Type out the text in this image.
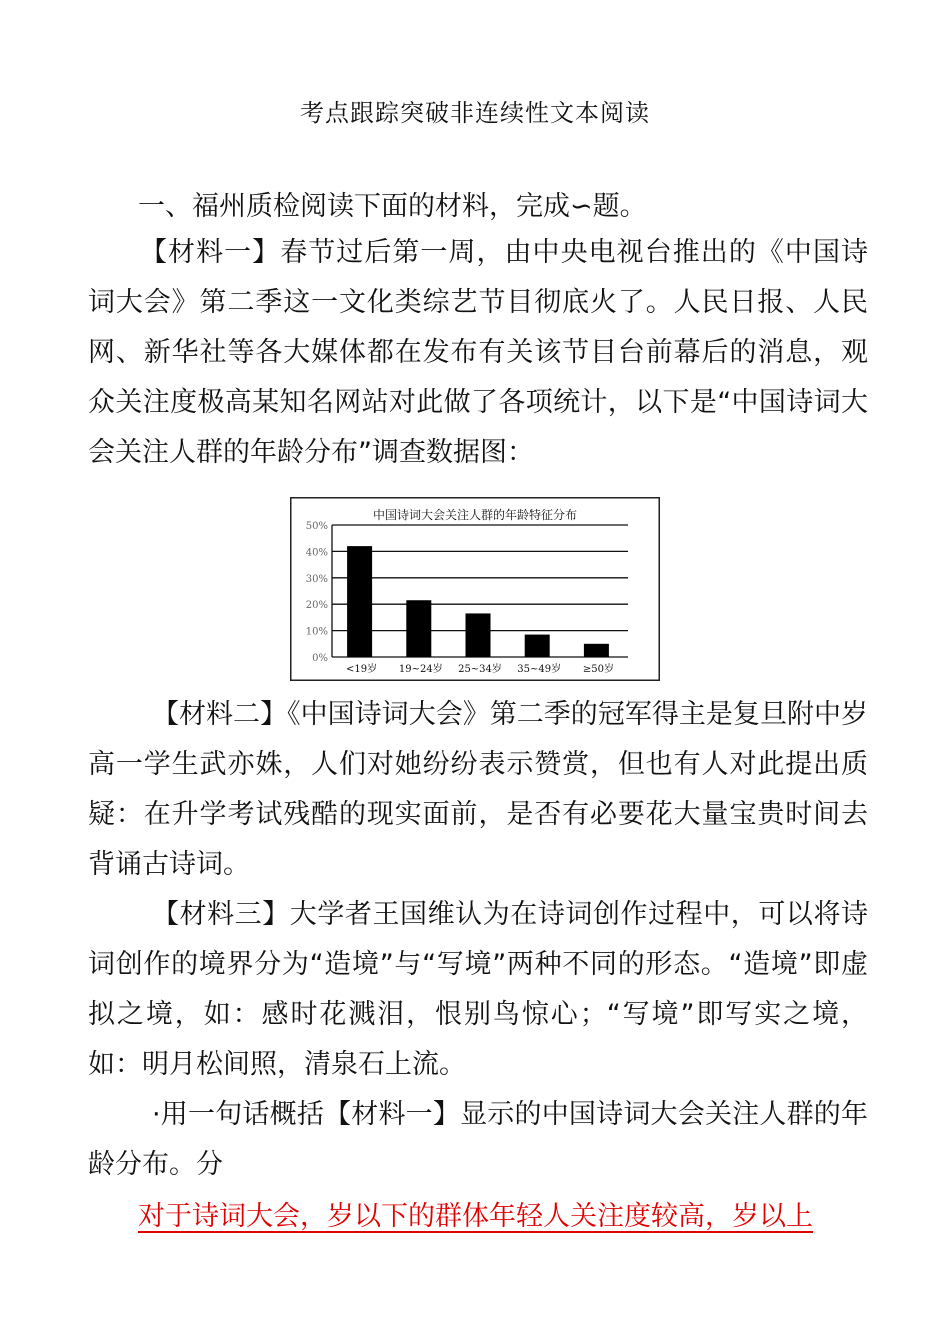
考点跟踪突破非连续性文本阅读
一、福州质检阅读下面的材料，完成∽题。
【材料一】春节过后第一周，由中央电视台推出的《中国诗词大会》第二季这一文化类综艺节目彻底火了。人民日报、人民网、新华社等各大媒体都在发布有关该节目台前幕后的消息，观众关注度极高某知名网站对此做了各项统计，以下是“中国诗词大会关注人群的年龄分布”调查数据图：
中国诗词大会关注人群的年龄特征分布
0%
10%
20%
30%
40%
50%
<19岁 19~24岁 25~34岁 35~49岁 ≥50岁
【材料二】《中国诗词大会》第二季的冠军得主是复旦附中岁高一学生武亦姝，人们对她纷纷表示赞赏，但也有人对此提出质疑：在升学考试残酷的现实面前，是否有必要花大量宝贵时间去背诵古诗词。
【材料三】大学者王国维认为在诗词创作过程中，可以将诗词创作的境界分为“造境”与“写境”两种不同的形态。“造境”即虚拟之境，如：感时花溅泪，恨别鸟惊心；“写境”即写实之境，如：明月松间照，清泉石上流。
·用一句话概括【材料一】显示的中国诗词大会关注人群的年龄分布。分
对于诗词大会，岁以下的群体年轻人关注度较高，岁以上
